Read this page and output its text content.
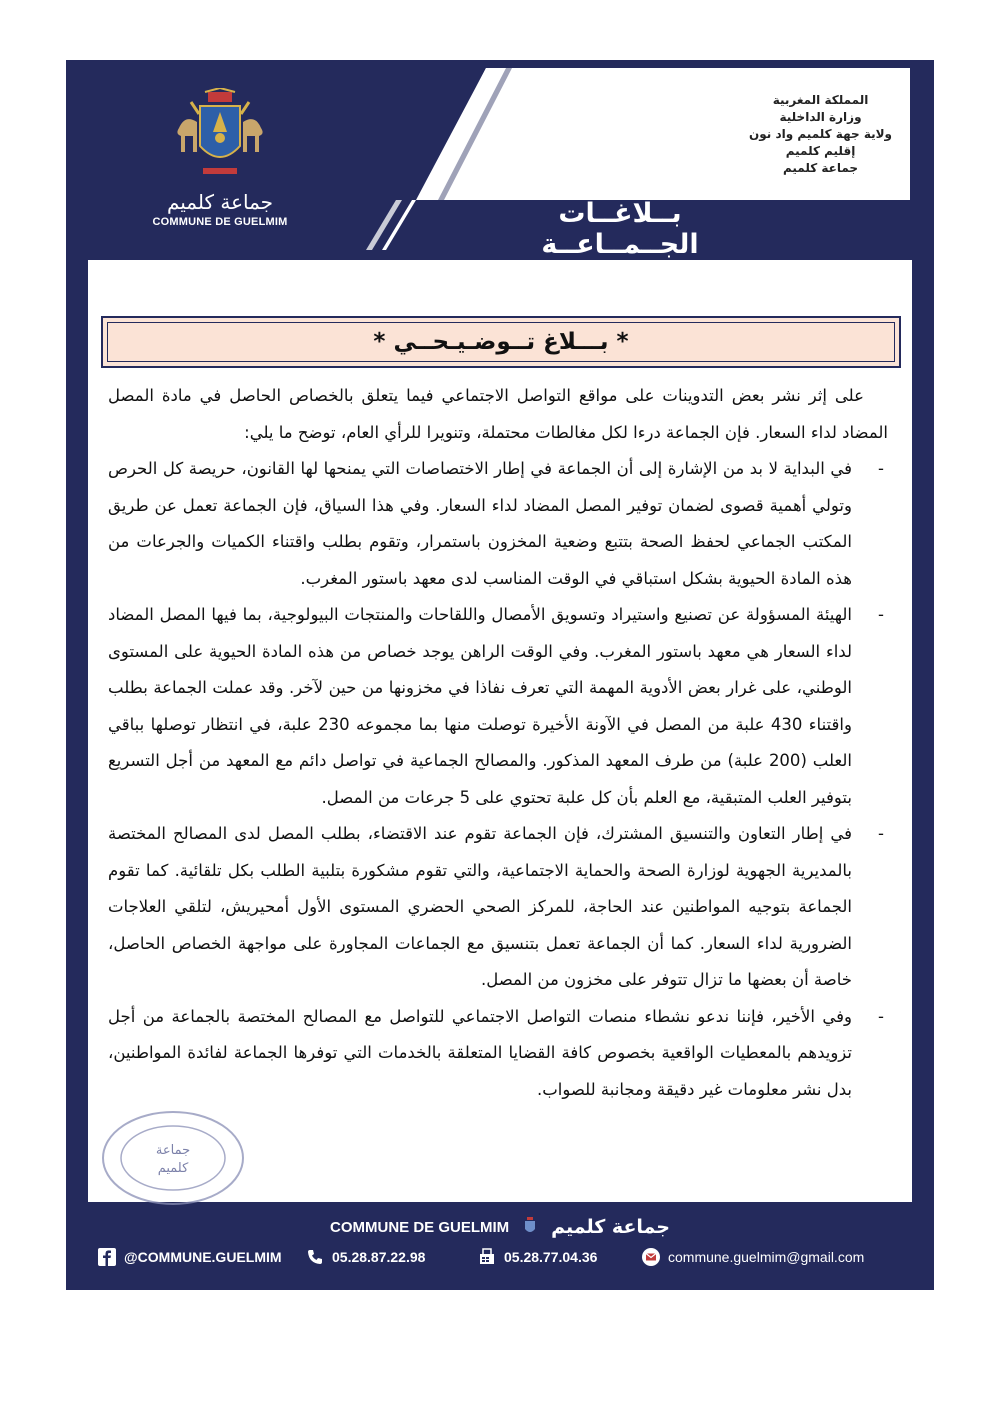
جماعة كلميم
COMMUNE DE GUELMIM
المملكة المغربية
وزارة الداخلية
ولاية جهة كلميم واد نون
إقليم كلميم
جماعة كلميم
بــلاغــات الجــمــاعــة
* بـــلاغ تــوضـيـحــي *

على إثر نشر بعض التدوينات على مواقع التواصل الاجتماعي فيما يتعلق بالخصاص الحاصل في مادة المصل المضاد لداء السعار. فإن الجماعة درءا لكل مغالطات محتملة، وتنويرا للرأي العام، توضح ما يلي:

-
في البداية لا بد من الإشارة إلى أن الجماعة في إطار الاختصاصات التي يمنحها لها القانون، حريصة كل الحرص وتولي أهمية قصوى لضمان توفير المصل المضاد لداء السعار. وفي هذا السياق، فإن الجماعة تعمل عن طريق المكتب الجماعي لحفظ الصحة بتتبع وضعية المخزون باستمرار، وتقوم بطلب واقتناء الكميات والجرعات من هذه المادة الحيوية بشكل استباقي في الوقت المناسب لدى معهد باستور المغرب.
-
الهيئة المسؤولة عن تصنيع واستيراد وتسويق الأمصال واللقاحات والمنتجات البيولوجية، بما فيها المصل المضاد لداء السعار هي معهد باستور المغرب. وفي الوقت الراهن يوجد خصاص من هذه المادة الحيوية على المستوى الوطني، على غرار بعض الأدوية المهمة التي تعرف نفاذا في مخزونها من حين لآخر. وقد عملت الجماعة بطلب واقتناء 430 علبة من المصل في الآونة الأخيرة توصلت منها بما مجموعه 230 علبة، في انتظار توصلها بباقي العلب (200 علبة) من طرف المعهد المذكور. والمصالح الجماعية في تواصل دائم مع المعهد من أجل التسريع بتوفير العلب المتبقية، مع العلم بأن كل علبة تحتوي على 5 جرعات من المصل.
-
في إطار التعاون والتنسيق المشترك، فإن الجماعة تقوم عند الاقتضاء، بطلب المصل لدى المصالح المختصة بالمديرية الجهوية لوزارة الصحة والحماية الاجتماعية، والتي تقوم مشكورة بتلبية الطلب بكل تلقائية. كما تقوم الجماعة بتوجيه المواطنين عند الحاجة، للمركز الصحي الحضري المستوى الأول أمحيريش، لتلقي العلاجات الضرورية لداء السعار. كما أن الجماعة تعمل بتنسيق مع الجماعات المجاورة على مواجهة الخصاص الحاصل، خاصة أن بعضها ما تزال تتوفر على مخزون من المصل.
-
وفي الأخير، فإننا ندعو نشطاء منصات التواصل الاجتماعي للتواصل مع المصالح المختصة بالجماعة من أجل تزويدهم بالمعطيات الواقعية بخصوص كافة القضايا المتعلقة بالخدمات التي توفرها الجماعة لفائدة المواطنين، بدل نشر معلومات غير دقيقة ومجانبة للصواب.
جماعة
كلميم
COMMUNE DE GUELMIM جماعة كلميم
@COMMUNE.GUELMIM	05.28.87.22.98	05.28.77.04.36	commune.guelmim@gmail.com
